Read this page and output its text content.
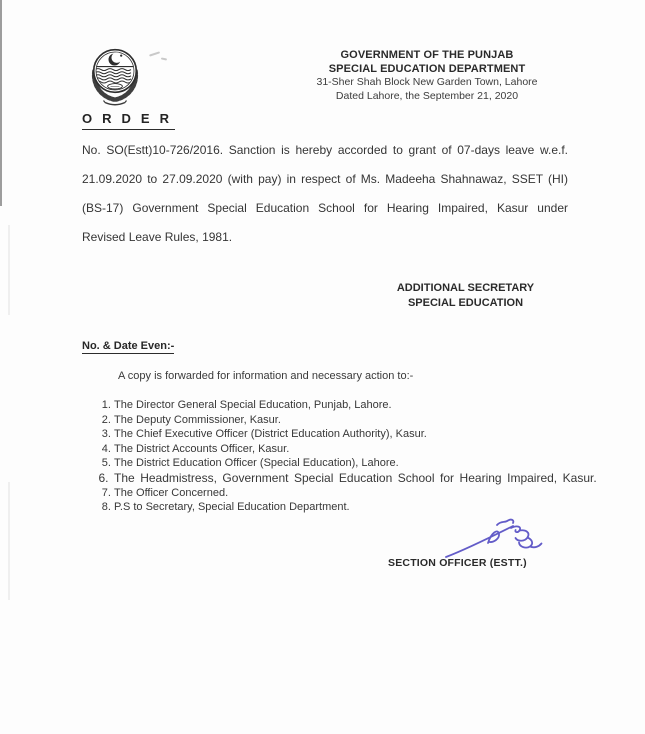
GOVERNMENT OF THE PUNJAB
SPECIAL EDUCATION DEPARTMENT
31-Sher Shah Block New Garden Town, Lahore
Dated Lahore, the September 21, 2020
O R D E R
No. SO(Estt)10-726/2016. Sanction is hereby accorded to grant of 07-days leave w.e.f.
21.09.2020 to 27.09.2020 (with pay) in respect of Ms. Madeeha Shahnawaz, SSET (HI)
(BS-17) Government Special Education School for Hearing Impaired, Kasur under
Revised Leave Rules, 1981.
ADDITIONAL SECRETARY
SPECIAL EDUCATION
No. & Date Even:-
A copy is forwarded for information and necessary action to:-
1. The Director General Special Education, Punjab, Lahore.
2. The Deputy Commissioner, Kasur.
3. The Chief Executive Officer (District Education Authority), Kasur.
4. The District Accounts Officer, Kasur.
5. The District Education Officer (Special Education), Lahore.
6. The Headmistress, Government Special Education School for Hearing Impaired, Kasur.
7. The Officer Concerned.
8. P.S to Secretary, Special Education Department.
SECTION OFFICER (ESTT.)
